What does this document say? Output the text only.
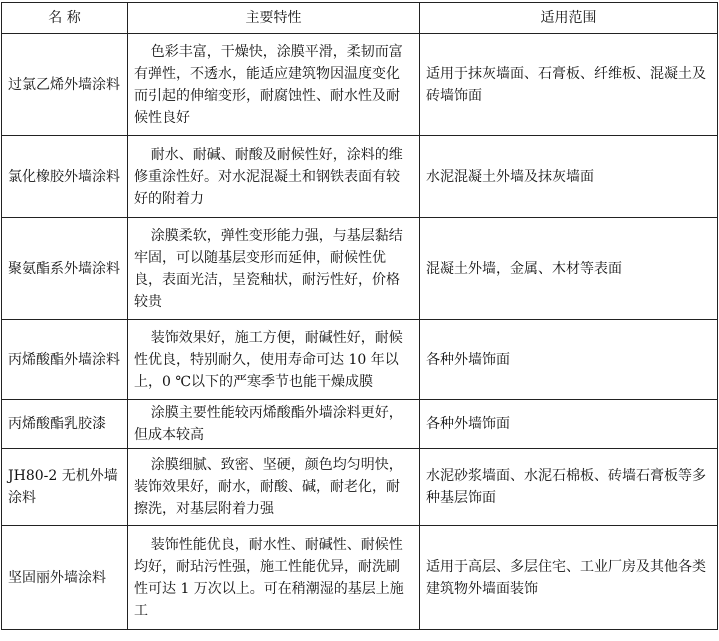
名 称	主要特性	适用范围
过氯乙烯外墙涂料	色彩丰富，干燥快，涂膜平滑，柔韧而富有弹性，不透水，能适应建筑物因温度变化而引起的伸缩变形，耐腐蚀性、耐水性及耐候性良好	适用于抹灰墙面、石膏板、纤维板、混凝土及砖墙饰面
氯化橡胶外墙涂料	耐水、耐碱、耐酸及耐候性好，涂料的维修重涂性好。对水泥混凝土和钢铁表面有较好的附着力	水泥混凝土外墙及抹灰墙面
聚氨酯系外墙涂料	涂膜柔软，弹性变形能力强，与基层黏结牢固，可以随基层变形而延伸，耐候性优良，表面光洁，呈瓷釉状，耐污性好，价格较贵	混凝土外墙，金属、木材等表面
丙烯酸酯外墙涂料	装饰效果好，施工方便，耐碱性好，耐候性优良，特别耐久，使用寿命可达 10 年以上，0 ℃以下的严寒季节也能干燥成膜	各种外墙饰面
丙烯酸酯乳胶漆	涂膜主要性能较丙烯酸酯外墙涂料更好，但成本较高	各种外墙饰面
JH80-2 无机外墙涂料	涂膜细腻、致密、坚硬，颜色均匀明快，装饰效果好，耐水，耐酸、碱，耐老化，耐擦洗，对基层附着力强	水泥砂浆墙面、水泥石棉板、砖墙石膏板等多种基层饰面
坚固丽外墙涂料	装饰性能优良，耐水性、耐碱性、耐候性均好，耐玷污性强，施工性能优异，耐洗刷性可达 1 万次以上。可在稍潮湿的基层上施工	适用于高层、多层住宅、工业厂房及其他各类建筑物外墙面装饰
